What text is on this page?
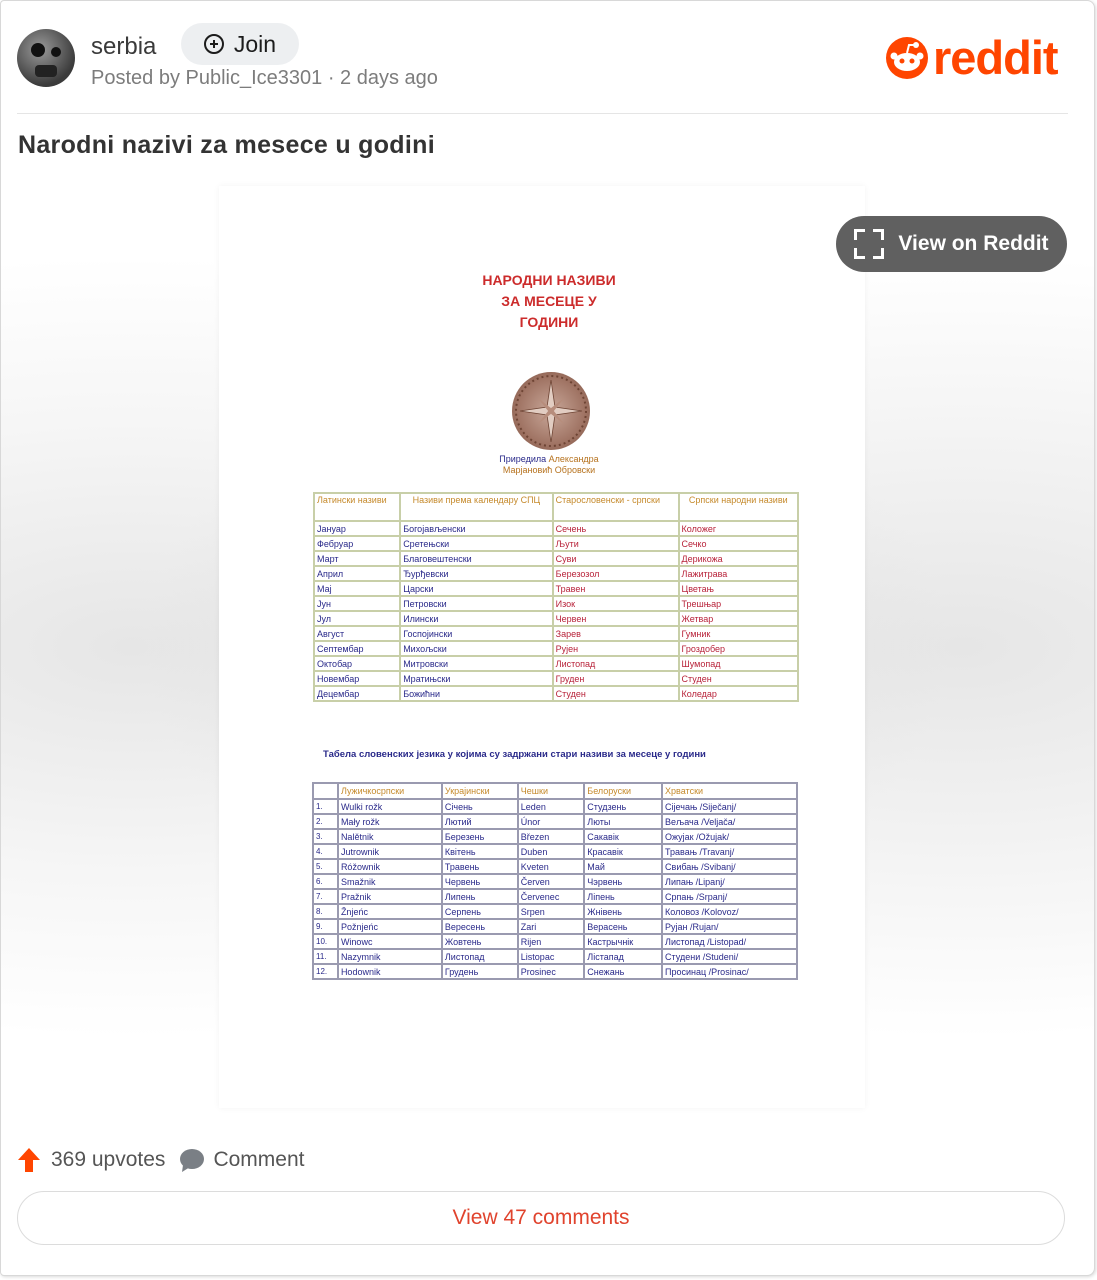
serbia	Join
Posted by Public_Ice3301 · 2 days ago	reddit
Narodni nazivi za mesece u godini
НАРОДНИ НАЗИВИ
ЗА МЕСЕЦЕ У
ГОДИНИ
Приредила Александра
Марјановић Обровски
Латински називи	Називи према календару СПЦ	Старословенски - српски	Српски народни називи
Јануар	Богојављенски	Сечень	Коложег
Фебруар	Сретењски	Љути	Сечко
Март	Благовештенски	Суви	Дерикожа
Април	Ђурђевски	Березозол	Лажитрава
Мај	Царски	Травен	Цветањ
Јун	Петровски	Изок	Трешњар
Јул	Илински	Червен	Жетвар
Август	Госпојински	Зарев	Гумник
Септембар	Михољски	Рујен	Гроздобер
Октобар	Митровски	Листопад	Шумопад
Новембар	Мратињски	Груден	Студен
Децембар	Божићни	Студен	Коледар
Табела словенских језика у којима су задржани стари називи за месеце у години
	Лужичкосрпски	Украјински	Чешки	Белоруски	Хрватски
1.	Wulki rožk	Січень	Leden	Студзень	Сіјечањ /Siječanj/
2.	Mały rožk	Лютий	Únor	Люты	Вељача /Veljača/
3.	Nalětnik	Березень	Březen	Сакавік	Ожујак /Ožujak/
4.	Jutrownik	Квітень	Duben	Красавік	Травањ /Travanj/
5.	Róžownik	Травень	Kveten	Май	Свибањ /Svibanj/
6.	Smažnik	Червень	Červen	Чэрвень	Липањ /Lipanj/
7.	Pražnik	Липень	Červenec	Ліпень	Српањ /Srpanj/
8.	Žnjeńc	Серпень	Srpen	Жнівень	Коловоз /Kolovoz/
9.	Požnjeńc	Вересень	Zari	Верасень	Рујан /Rujan/
10.	Winowc	Жовтень	Rijen	Кастрычнік	Листопад /Listopad/
11.	Nazymnik	Листопад	Listopac	Лістапад	Студени /Studeni/
12.	Hodownik	Грудень	Prosinec	Снежань	Просинац /Prosinac/
View on Reddit
369 upvotes Comment
View 47 comments
